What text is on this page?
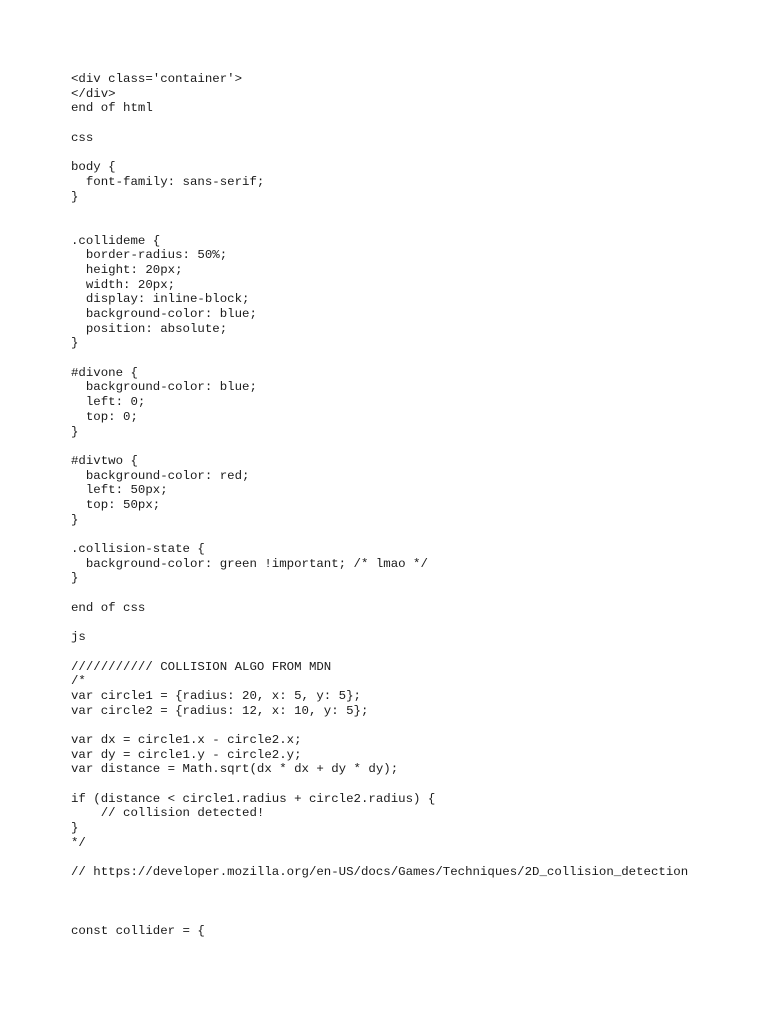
<div class='container'>
</div>
end of html
css
body {
font-family: sans-serif;
}
.collideme {
border-radius: 50%;
height: 20px;
width: 20px;
display: inline-block;
background-color: blue;
position: absolute;
}
#divone {
background-color: blue;
left: 0;
top: 0;
}
#divtwo {
background-color: red;
left: 50px;
top: 50px;
}
.collision-state {
background-color: green !important; /* lmao */
}
end of css
js
/////////// COLLISION ALGO FROM MDN
/*
var circle1 = {radius: 20, x: 5, y: 5};
var circle2 = {radius: 12, x: 10, y: 5};
var dx = circle1.x - circle2.x;
var dy = circle1.y - circle2.y;
var distance = Math.sqrt(dx * dx + dy * dy);
if (distance < circle1.radius + circle2.radius) {
// collision detected!
}
*/
// https://developer.mozilla.org/en-US/docs/Games/Techniques/2D_collision_detection
const collider = {
